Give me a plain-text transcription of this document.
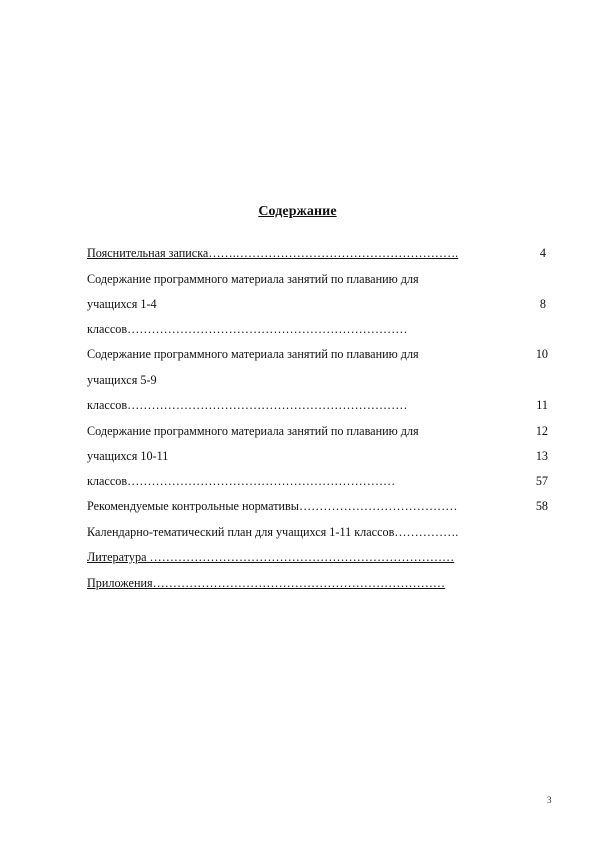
Содержание
Пояснительная записка…….……………………………………………….
Содержание программного материала занятий по плаванию для
учащихся 1-4
классов……………………………………………………………
Содержание программного материала занятий по плаванию для
учащихся 5-9
классов……………………………………………………………
Содержание программного материала занятий по плаванию для
учащихся 10-11
классов…………………………………………………………
Рекомендуемые контрольные нормативы…………………………………
Календарно-тематический план для учащихся 1-11 классов…………….
Литература …………………………………………………………………
Приложения………………………………………………………………
4
8
10
11
12
13
57
58
3
